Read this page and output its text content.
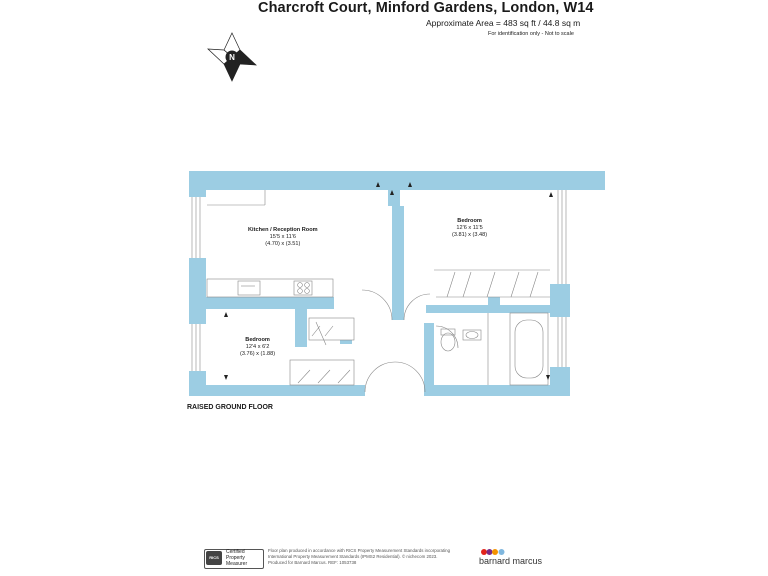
Charcroft Court, Minford Gardens, London, W14
Approximate Area = 483 sq ft / 44.8 sq m
For identification only - Not to scale
N
Kitchen / Reception Room
15'5 x 11'6
(4.70) x (3.51)
Bedroom
12'6 x 11'5
(3.81) x (3.48)
Bedroom
12'4 x 6'2
(3.76) x (1.88)
RAISED GROUND FLOOR
RICS
Certified
Property
Measurer
Floor plan produced in accordance with RICS Property Measurement Standards incorporating
International Property Measurement Standards (IPMS2 Residential). © nichecom 2023.
Produced for Barnard Marcus. REF: 1053738	barnard marcus
